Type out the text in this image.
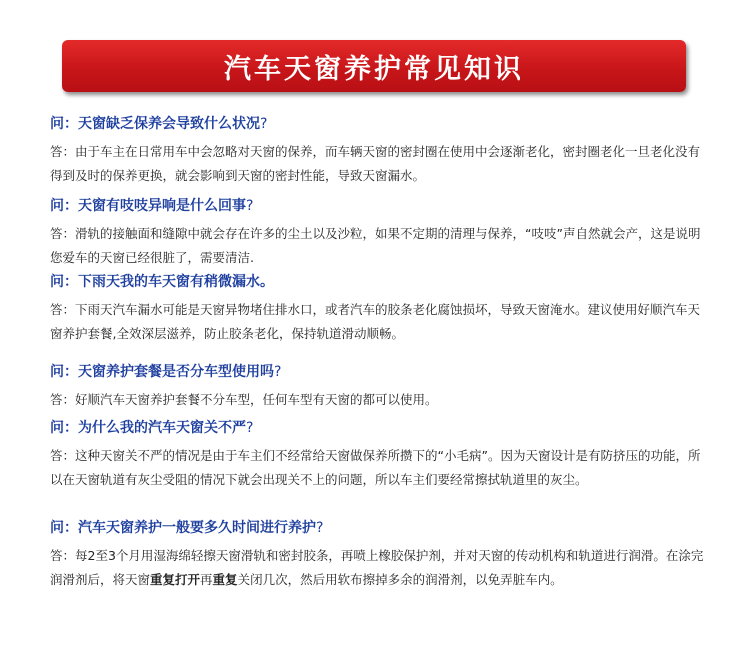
汽车天窗养护常见知识
问：天窗缺乏保养会导致什么状况?
答：由于车主在日常用车中会忽略对天窗的保养，而车辆天窗的密封圈在使用中会逐渐老化，密封圈老化一旦老化没有得到及时的保养更换，就会影响到天窗的密封性能，导致天窗漏水。
问：天窗有吱吱异响是什么回事?
答：滑轨的接触面和缝隙中就会存在许多的尘土以及沙粒，如果不定期的清理与保养，“吱吱”声自然就会产，这是说明您爱车的天窗已经很脏了，需要清洁.
问：下雨天我的车天窗有稍微漏水。
答：下雨天汽车漏水可能是天窗异物堵住排水口，或者汽车的胶条老化腐蚀损坏，导致天窗淹水。建议使用好顺汽车天窗养护套餐,全效深层滋养，防止胶条老化，保持轨道滑动顺畅。
问：天窗养护套餐是否分车型使用吗?
答：好顺汽车天窗养护套餐不分车型，任何车型有天窗的都可以使用。
问：为什么我的汽车天窗关不严?
答：这种天窗关不严的情况是由于车主们不经常给天窗做保养所攒下的“小毛病”。因为天窗设计是有防挤压的功能，所以在天窗轨道有灰尘受阻的情况下就会出现关不上的问题，所以车主们要经常擦拭轨道里的灰尘。
问：汽车天窗养护一般要多久时间进行养护?
答：每2至3个月用湿海绵轻擦天窗滑轨和密封胶条，再喷上橡胶保护剂，并对天窗的传动机构和轨道进行润滑。在涂完润滑剂后，将天窗重复打开再重复关闭几次，然后用软布擦掉多余的润滑剂，以免弄脏车内。
